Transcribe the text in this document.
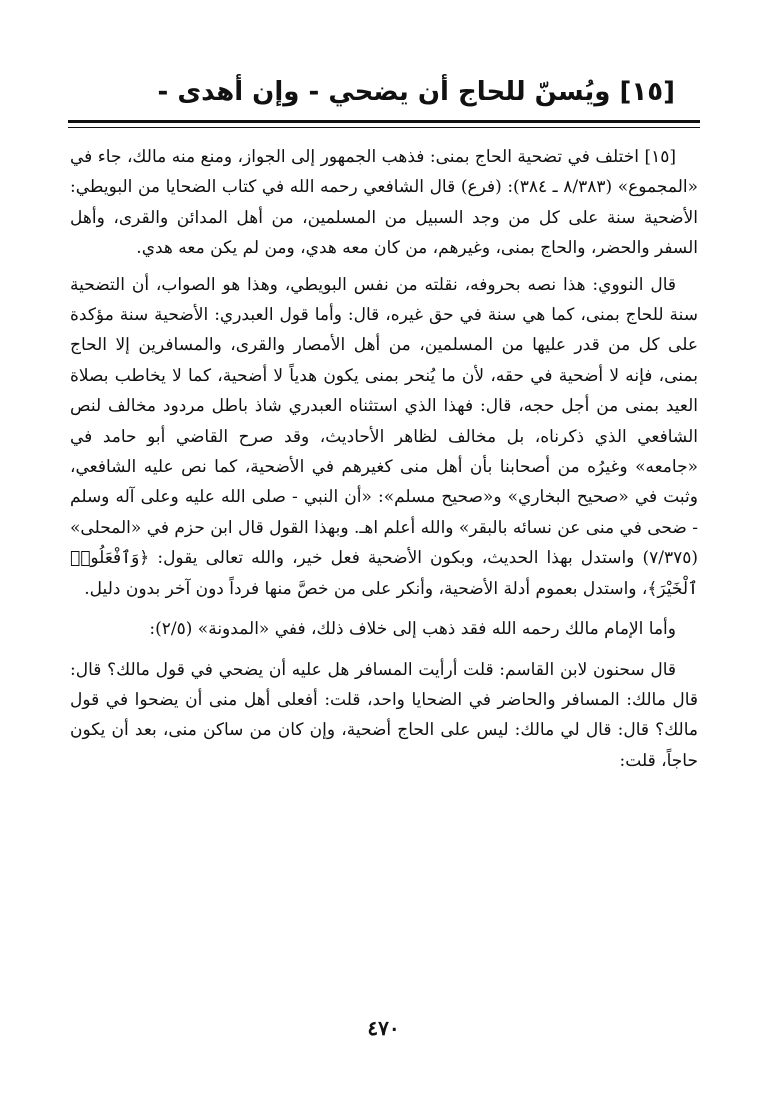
[١٥] ويُسنّ للحاج أن يضحي - وإن أهدى -

[١٥] اختلف في تضحية الحاج بمنى: فذهب الجمهور إلى الجواز، ومنع منه مالك، جاء في «المجموع» (٨/٣٨٣ ـ ٣٨٤): (فرع) قال الشافعي رحمه الله في كتاب الضحايا من البويطي: الأضحية سنة على كل من وجد السبيل من المسلمين، من أهل المدائن والقرى، وأهل السفر والحضر، والحاج بمنى، وغيرهم، من كان معه هدي، ومن لم يكن معه هدي.

قال النووي: هذا نصه بحروفه، نقلته من نفس البويطي، وهذا هو الصواب، أن التضحية سنة للحاج بمنى، كما هي سنة في حق غيره، قال: وأما قول العبدري: الأضحية سنة مؤكدة على كل من قدر عليها من المسلمين، من أهل الأمصار والقرى، والمسافرين إلا الحاج بمنى، فإنه لا أضحية في حقه، لأن ما يُنحر بمنى يكون هدياً لا أضحية، كما لا يخاطب بصلاة العيد بمنى من أجل حجه، قال: فهذا الذي استثناه العبدري شاذ باطل مردود مخالف لنص الشافعي الذي ذكرناه، بل مخالف لظاهر الأحاديث، وقد صرح القاضي أبو حامد في «جامعه» وغيرُه من أصحابنا بأن أهل منى كغيرهم في الأضحية، كما نص عليه الشافعي، وثبت في «صحيح البخاري» و«صحيح مسلم»: «أن النبي - صلى الله عليه وعلى آله وسلم - ضحى في منى عن نسائه بالبقر» والله أعلم اهـ. وبهذا القول قال ابن حزم في «المحلى» (٧/٣٧٥) واستدل بهذا الحديث، وبكون الأضحية فعل خير، والله تعالى يقول: ﴿وَٱفْعَلُوا۟ ٱلْخَيْرَ﴾، واستدل بعموم أدلة الأضحية، وأنكر على من خصَّ منها فرداً دون آخر بدون دليل.

وأما الإمام مالك رحمه الله فقد ذهب إلى خلاف ذلك، ففي «المدونة» (٢/٥):

قال سحنون لابن القاسم: قلت أرأيت المسافر هل عليه أن يضحي في قول مالك؟ قال: قال مالك: المسافر والحاضر في الضحايا واحد، قلت: أفعلى أهل منى أن يضحوا في قول مالك؟ قال: قال لي مالك: ليس على الحاج أضحية، وإن كان من ساكن منى، بعد أن يكون حاجاً، قلت:

٤٧٠
